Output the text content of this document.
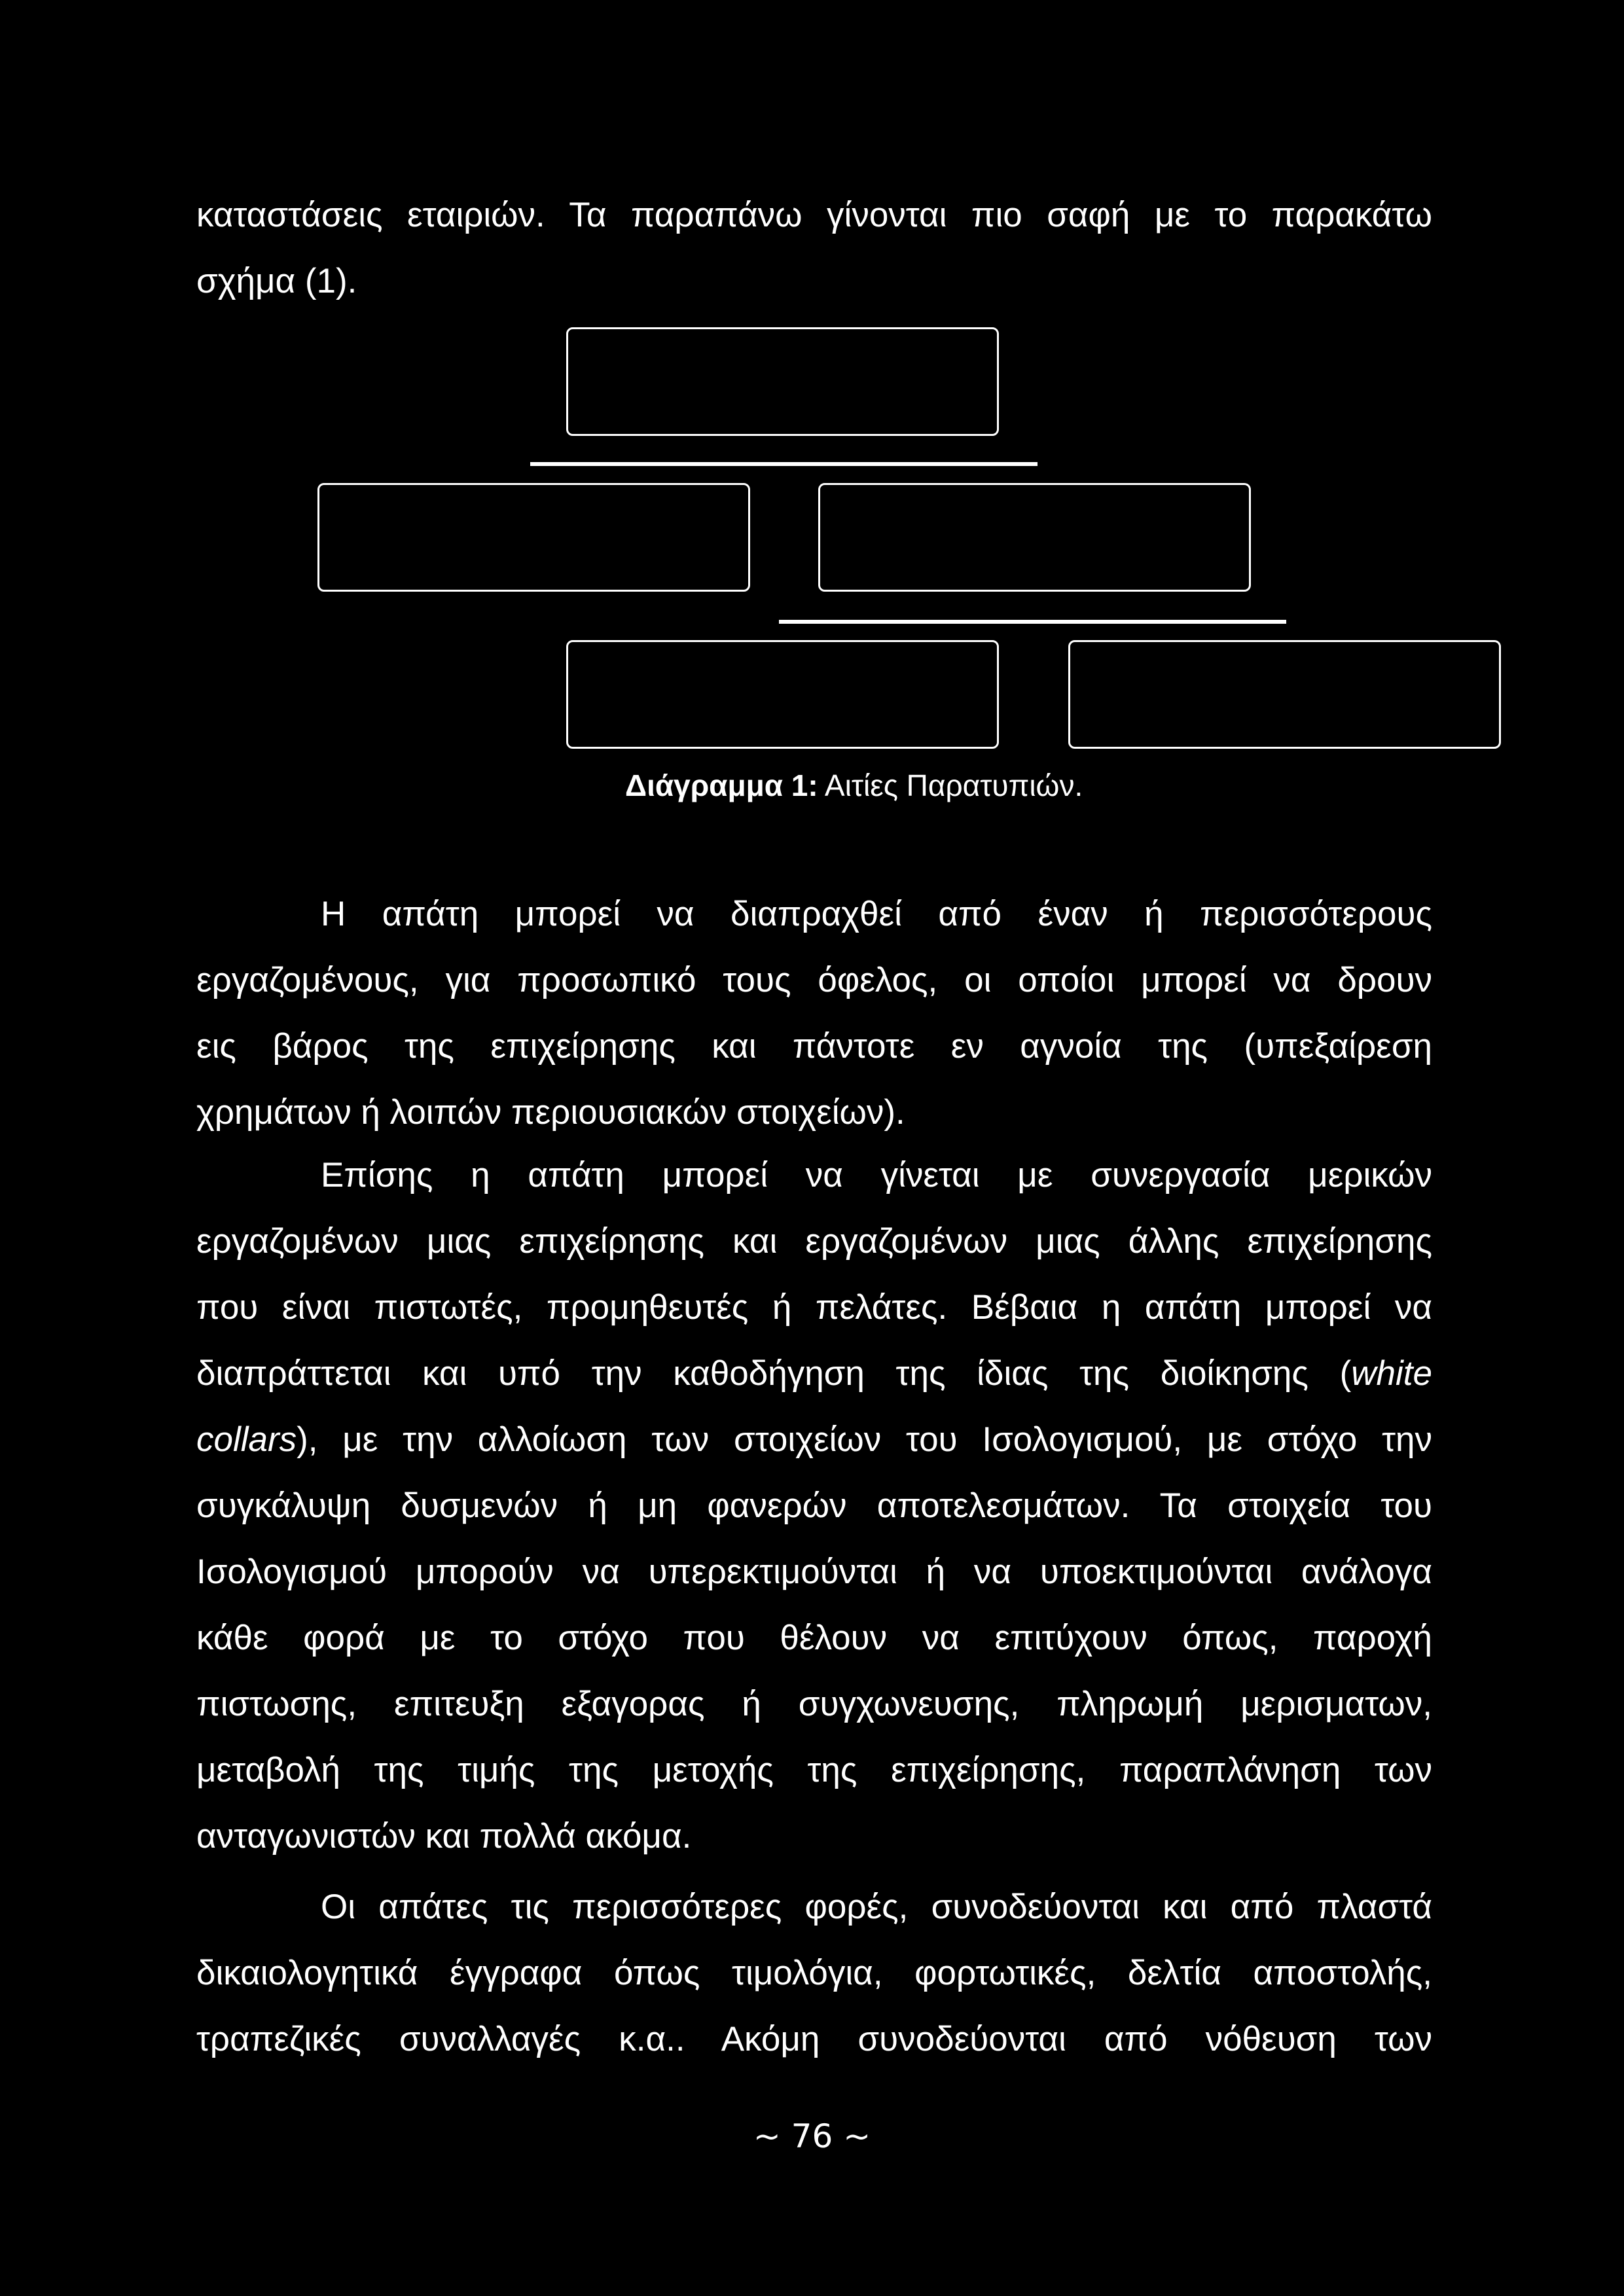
καταστάσεις εταιριών. Τα παραπάνω γίνονται πιο σαφή με το παρακάτω
σχήμα (1).
Διάγραμμα 1: Αιτίες Παρατυπιών.
Η απάτη μπορεί να διαπραχθεί από έναν ή περισσότερους
εργαζομένους, για προσωπικό τους όφελος, οι οποίοι μπορεί να δρουν
εις βάρος της επιχείρησης και πάντοτε εν αγνοία της (υπεξαίρεση
χρημάτων ή λοιπών περιουσιακών στοιχείων).
Επίσης η απάτη μπορεί να γίνεται με συνεργασία μερικών
εργαζομένων μιας επιχείρησης και εργαζομένων μιας άλλης επιχείρησης
που είναι πιστωτές, προμηθευτές ή πελάτες. Βέβαια η απάτη μπορεί να
διαπράττεται και υπό την καθοδήγηση της ίδιας της διοίκησης (white
collars), με την αλλοίωση των στοιχείων του Ισολογισμού, με στόχο την
συγκάλυψη δυσμενών ή μη φανερών αποτελεσμάτων. Τα στοιχεία του
Ισολογισμού μπορούν να υπερεκτιμούνται ή να υποεκτιμούνται ανάλογα
κάθε φορά με το στόχο που θέλουν να επιτύχουν όπως, παροχή
πιστωσης, επιτευξη εξαγορας ή συγχωνευσης, πληρωμή μερισματων,
μεταβολή της τιμής της μετοχής της επιχείρησης, παραπλάνηση των
ανταγωνιστών και πολλά ακόμα.
Οι απάτες τις περισσότερες φορές, συνοδεύονται και από πλαστά
δικαιολογητικά έγγραφα όπως τιμολόγια, φορτωτικές, δελτία αποστολής,
τραπεζικές συναλλαγές κ.α.. Ακόμη συνοδεύονται από νόθευση των
~ 76 ~
